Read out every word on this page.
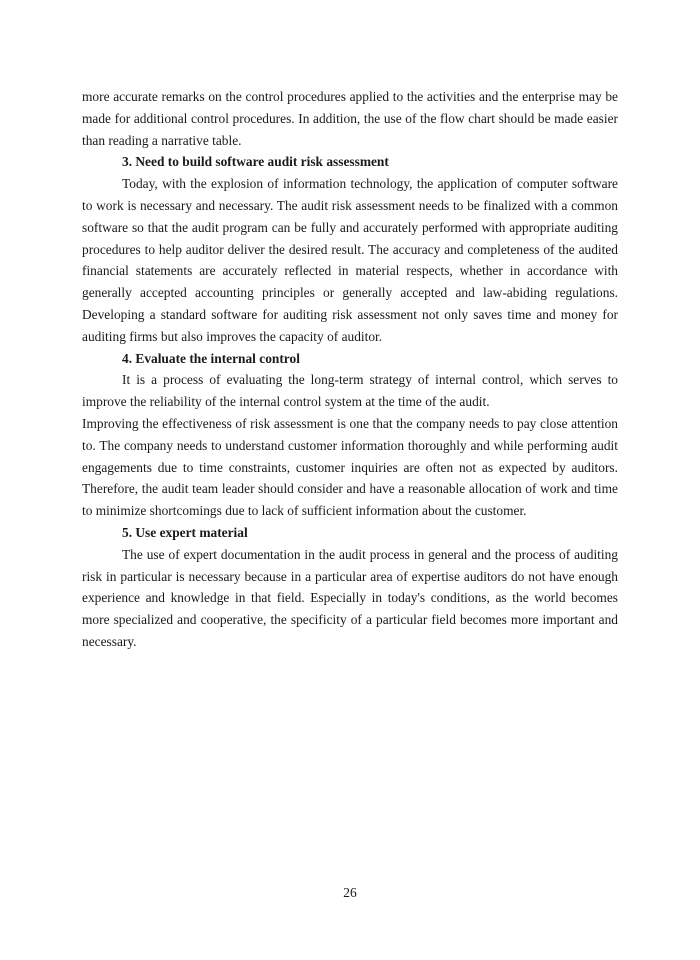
more accurate remarks on the control procedures applied to the activities and the enterprise may be made for additional control procedures. In addition, the use of the flow chart should be made easier than reading a narrative table.

3. Need to build software audit risk assessment

Today, with the explosion of information technology, the application of computer software to work is necessary and necessary. The audit risk assessment needs to be finalized with a common software so that the audit program can be fully and accurately performed with appropriate auditing procedures to help auditor deliver the desired result. The accuracy and completeness of the audited financial statements are accurately reflected in material respects, whether in accordance with generally accepted accounting principles or generally accepted and law-abiding regulations. Developing a standard software for auditing risk assessment not only saves time and money for auditing firms but also improves the capacity of auditor.

4. Evaluate the internal control

It is a process of evaluating the long-term strategy of internal control, which serves to improve the reliability of the internal control system at the time of the audit.

Improving the effectiveness of risk assessment is one that the company needs to pay close attention to. The company needs to understand customer information thoroughly and while performing audit engagements due to time constraints, customer inquiries are often not as expected by auditors. Therefore, the audit team leader should consider and have a reasonable allocation of work and time to minimize shortcomings due to lack of sufficient information about the customer.

5. Use expert material

The use of expert documentation in the audit process in general and the process of auditing risk in particular is necessary because in a particular area of expertise auditors do not have enough experience and knowledge in that field. Especially in today's conditions, as the world becomes more specialized and cooperative, the specificity of a particular field becomes more important and necessary.

26
